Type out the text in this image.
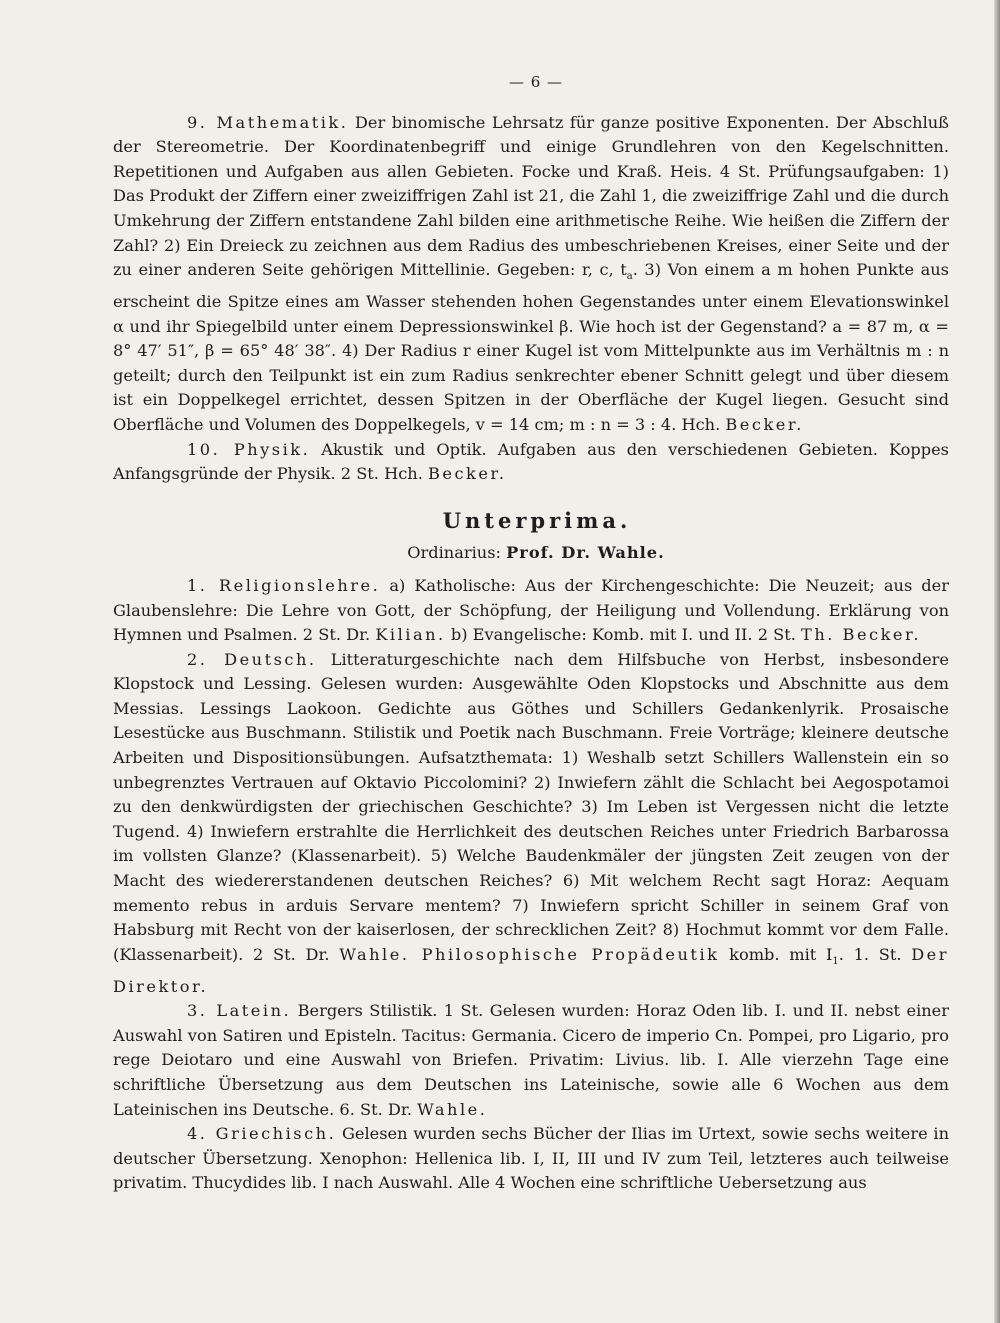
— 6 —

9. Mathematik. Der binomische Lehrsatz für ganze positive Exponenten. Der Abschluß der Stereometrie. Der Koordinatenbegriff und einige Grundlehren von den Kegelschnitten. Repetitionen und Aufgaben aus allen Gebieten. Focke und Kraß. Heis. 4 St. Prüfungsaufgaben: 1) Das Produkt der Ziffern einer zweiziffrigen Zahl ist 21, die Zahl 1, die zweiziffrige Zahl und die durch Umkehrung der Ziffern entstandene Zahl bilden eine arithmetische Reihe. Wie heißen die Ziffern der Zahl? 2) Ein Dreieck zu zeichnen aus dem Radius des umbeschriebenen Kreises, einer Seite und der zu einer anderen Seite gehörigen Mittellinie. Gegeben: r, c, $t_a$. 3) Von einem a m hohen Punkte aus erscheint die Spitze eines am Wasser stehenden hohen Gegenstandes unter einem Elevationswinkel α und ihr Spiegelbild unter einem Depressionswinkel β. Wie hoch ist der Gegenstand? a = 87 m, α = 8° 47′ 51″, β = 65° 48′ 38″. 4) Der Radius r einer Kugel ist vom Mittelpunkte aus im Verhältnis m : n geteilt; durch den Teilpunkt ist ein zum Radius senkrechter ebener Schnitt gelegt und über diesem ist ein Doppelkegel errichtet, dessen Spitzen in der Oberfläche der Kugel liegen. Gesucht sind Oberfläche und Volumen des Doppelkegels, v = 14 cm; m : n = 3 : 4. Hch. Becker.

10. Physik. Akustik und Optik. Aufgaben aus den verschiedenen Gebieten. Koppes Anfangsgründe der Physik. 2 St. Hch. Becker.

Unterprima.
Ordinarius: Prof. Dr. Wahle.

1. Religionslehre. a) Katholische: Aus der Kirchengeschichte: Die Neuzeit; aus der Glaubenslehre: Die Lehre von Gott, der Schöpfung, der Heiligung und Vollendung. Erklärung von Hymnen und Psalmen. 2 St. Dr. Kilian. b) Evangelische: Komb. mit I. und II. 2 St. Th. Becker.

2. Deutsch. Litteraturgeschichte nach dem Hilfsbuche von Herbst, insbesondere Klopstock und Lessing. Gelesen wurden: Ausgewählte Oden Klopstocks und Abschnitte aus dem Messias. Lessings Laokoon. Gedichte aus Göthes und Schillers Gedankenlyrik. Prosaische Lesestücke aus Buschmann. Stilistik und Poetik nach Buschmann. Freie Vorträge; kleinere deutsche Arbeiten und Dispositionsübungen. Aufsatzthemata: 1) Weshalb setzt Schillers Wallenstein ein so unbegrenztes Vertrauen auf Oktavio Piccolomini? 2) Inwiefern zählt die Schlacht bei Aegospotamoi zu den denkwürdigsten der griechischen Geschichte? 3) Im Leben ist Vergessen nicht die letzte Tugend. 4) Inwiefern erstrahlte die Herrlichkeit des deutschen Reiches unter Friedrich Barbarossa im vollsten Glanze? (Klassenarbeit). 5) Welche Baudenkmäler der jüngsten Zeit zeugen von der Macht des wiedererstandenen deutschen Reiches? 6) Mit welchem Recht sagt Horaz: Aequam memento rebus in arduis Servare mentem? 7) Inwiefern spricht Schiller in seinem Graf von Habsburg mit Recht von der kaiserlosen, der schrecklichen Zeit? 8) Hochmut kommt vor dem Falle. (Klassenarbeit). 2 St. Dr. Wahle. Philosophische Propädeutik komb. mit $I_1$. 1. St. Der Direktor.

3. Latein. Bergers Stilistik. 1 St. Gelesen wurden: Horaz Oden lib. I. und II. nebst einer Auswahl von Satiren und Episteln. Tacitus: Germania. Cicero de imperio Cn. Pompei, pro Ligario, pro rege Deiotaro und eine Auswahl von Briefen. Privatim: Livius. lib. I. Alle vierzehn Tage eine schriftliche Übersetzung aus dem Deutschen ins Lateinische, sowie alle 6 Wochen aus dem Lateinischen ins Deutsche. 6. St. Dr. Wahle.

4. Griechisch. Gelesen wurden sechs Bücher der Ilias im Urtext, sowie sechs weitere in deutscher Übersetzung. Xenophon: Hellenica lib. I, II, III und IV zum Teil, letzteres auch teilweise privatim. Thucydides lib. I nach Auswahl. Alle 4 Wochen eine schriftliche Uebersetzung aus
